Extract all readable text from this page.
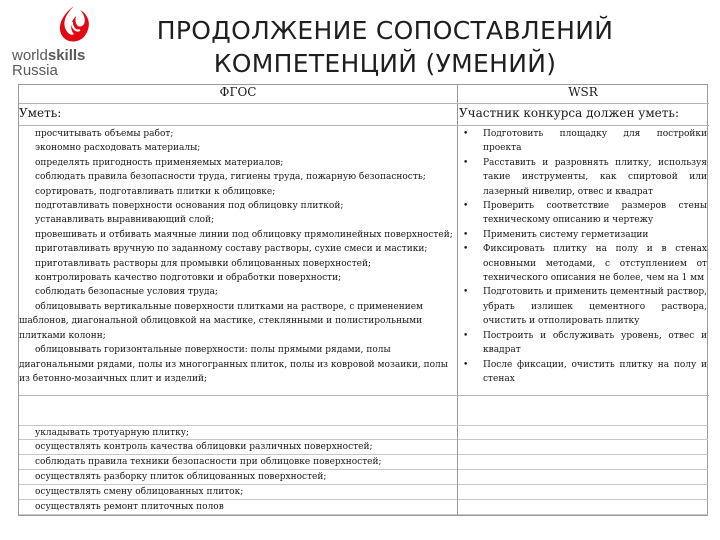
worldskills
Russia
ПРОДОЛЖЕНИЕ СОПОСТАВЛЕНИЙ
КОМПЕТЕНЦИЙ (УМЕНИЙ)
ФГОС	WSR
Уметь:	Участник конкурса должен уметь:
просчитывать объемы работ;
экономно расходовать материалы;
определять пригодность применяемых материалов;
соблюдать правила безопасности труда, гигиены труда, пожарную безопасность;
сортировать, подготавливать плитки к облицовке;
подготавливать поверхности основания под облицовку плиткой;
устанавливать выравнивающий слой;
провешивать и отбивать маячные линии под облицовку прямолинейных поверхностей;
приготавливать вручную по заданному составу растворы, сухие смеси и мастики;
приготавливать растворы для промывки облицованных поверхностей;
контролировать качество подготовки и обработки поверхности;
соблюдать безопасные условия труда;
облицовывать вертикальные поверхности плитками на растворе, с применением шаблонов, диагональной облицовкой на мастике, стеклянными и полистирольными плитками колонн;
облицовывать горизонтальные поверхности: полы прямыми рядами, полы диагональными рядами, полы из многогранных плиток, полы из ковровой мозаики, полы из бетонно-мозаичных плит и изделий;
• Подготовить площадку для постройки проекта
• Расставить и разровнять плитку, используя такие инструменты, как спиртовой или лазерный нивелир, отвес и квадрат
• Проверить соответствие размеров стены техническому описанию и чертежу
• Применить систему герметизации
• Фиксировать плитку на полу и в стенах основными методами, с отступлением от технического описания не более, чем на 1 мм
• Подготовить и применить цементный раствор, убрать излишек цементного раствора, очистить и отполировать плитку
• Построить и обслуживать уровень, отвес и квадрат
• После фиксации, очистить плитку на полу и стенах
укладывать тротуарную плитку;
осуществлять контроль качества облицовки различных поверхностей;
соблюдать правила техники безопасности при облицовке поверхностей;
осуществлять разборку плиток облицованных поверхностей;
осуществлять смену облицованных плиток;
осуществлять ремонт плиточных полов
